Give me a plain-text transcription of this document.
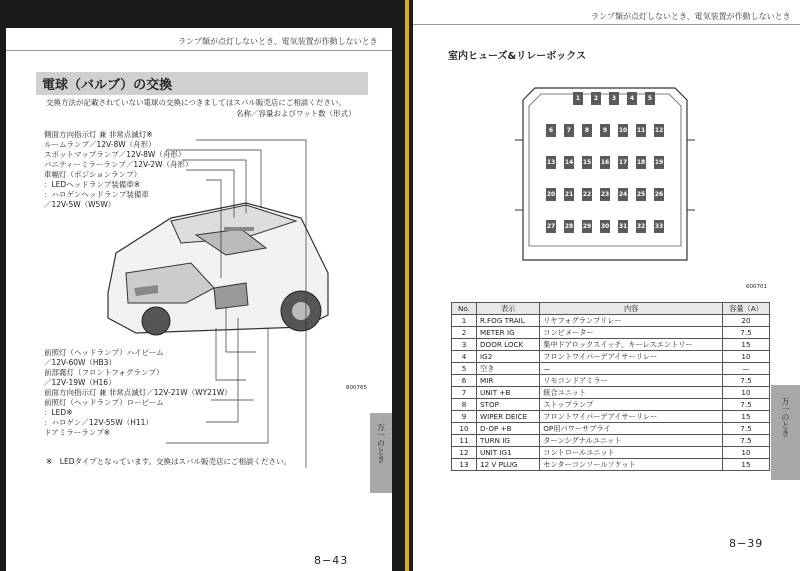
ランプ類が点灯しないとき、電気装置が作動しないとき
電球（バルブ）の交換
交換方法が記載されていない電球の交換につきましてはスバル販売店にご相談ください。
名称／容量およびワット数（形式）
側面方向指示灯 兼 非常点滅灯※
ルームランプ／12V-8W（舟形）
スポットマップランプ／12V-8W（舟形）
バニティーミラーランプ／12V-2W（舟形）
車幅灯（ポジションランプ）
：LEDヘッドランプ装備車※
：ハロゲンヘッドランプ装備車
／12V-5W（W5W）
前照灯（ヘッドランプ）ハイビーム
／12V-60W（HB3）
前部霧灯（フロントフォグランプ）
／12V-19W（H16）
前面方向指示灯 兼 非常点滅灯／12V-21W（WY21W）
前照灯（ヘッドランプ）ロービーム
：LED※
：ハロゲン／12V-55W（H11）
ドアミラーランプ※
800765
※　LEDタイプとなっています。交換はスバル販売店にご相談ください。	万一のとき
8−43
ランプ類が点灯しないとき、電気装置が作動しないとき
室内ヒューズ&リレーボックス
1	2	3	4	5
6	7	8	9	10 11 12
13 14 15 16 17 18 19
20 21 22 23 24 25 26
27 28 29 30 31 32 33
600701
No.	表示	内容	容量（A）
1	R.FOG TRAIL	リヤフォグランプリレー	20
2	METER IG	コンビメーター	7.5
3	DOOR LOCK	集中ドアロックスイッチ、キーレスエントリー	15
4	IG2	フロントワイパーデアイサーリレー	10
5	空き	—	—
6	MIR	リモコンドアミラー	7.5
7	UNIT +B	統合ユニット	10
8	STOP	ストップランプ	7.5
9	WIPER DEICE	フロントワイパーデアイサーリレー	15
10	D-OP +B	OP用パワーサプライ	7.5
11	TURN IG	ターンシグナルユニット	7.5
12	UNIT IG1	コントロールユニット	10
13	12 V PLUG	センターコンソールソケット	15
万一のとき
8−39
